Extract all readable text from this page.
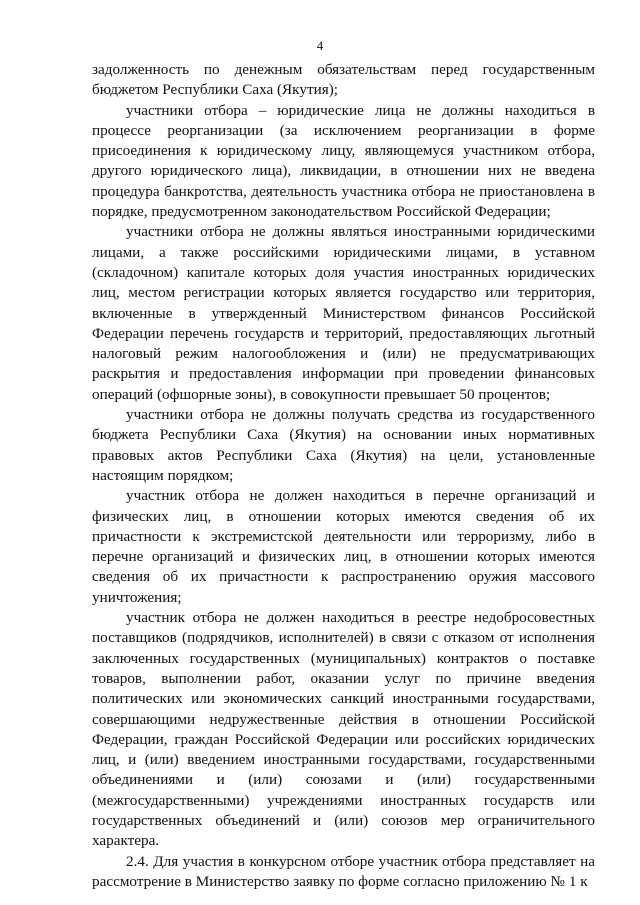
4

задолженность по денежным обязательствам перед государственным бюджетом Республики Саха (Якутия);

участники отбора – юридические лица не должны находиться в процессе реорганизации (за исключением реорганизации в форме присоединения к юридическому лицу, являющемуся участником отбора, другого юридического лица), ликвидации, в отношении них не введена процедура банкротства, деятельность участника отбора не приостановлена в порядке, предусмотренном законодательством Российской Федерации;

участники отбора не должны являться иностранными юридическими лицами, а также российскими юридическими лицами, в уставном (складочном) капитале которых доля участия иностранных юридических лиц, местом регистрации которых является государство или территория, включенные в утвержденный Министерством финансов Российской Федерации перечень государств и территорий, предоставляющих льготный налоговый режим налогообложения и (или) не предусматривающих раскрытия и предоставления информации при проведении финансовых операций (офшорные зоны), в совокупности превышает 50 процентов;

участники отбора не должны получать средства из государственного бюджета Республики Саха (Якутия) на основании иных нормативных правовых актов Республики Саха (Якутия) на цели, установленные настоящим порядком;

участник отбора не должен находиться в перечне организаций и физических лиц, в отношении которых имеются сведения об их причастности к экстремистской деятельности или терроризму, либо в перечне организаций и физических лиц, в отношении которых имеются сведения об их причастности к распространению оружия массового уничтожения;

участник отбора не должен находиться в реестре недобросовестных поставщиков (подрядчиков, исполнителей) в связи с отказом от исполнения заключенных государственных (муниципальных) контрактов о поставке товаров, выполнении работ, оказании услуг по причине введения политических или экономических санкций иностранными государствами, совершающими недружественные действия в отношении Российской Федерации, граждан Российской Федерации или российских юридических лиц, и (или) введением иностранными государствами, государственными объединениями и (или) союзами и (или) государственными (межгосударственными) учреждениями иностранных государств или государственных объединений и (или) союзов мер ограничительного характера.

2.4. Для участия в конкурсном отборе участник отбора представляет на рассмотрение в Министерство заявку по форме согласно приложению № 1 к
